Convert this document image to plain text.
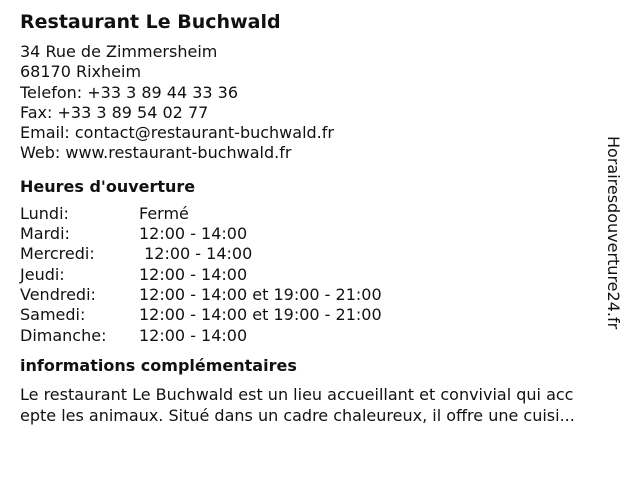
Restaurant Le Buchwald
34 Rue de Zimmersheim
68170 Rixheim
Telefon: +33 3 89 44 33 36
Fax: +33 3 89 54 02 77
Email: contact@restaurant-buchwald.fr
Web: www.restaurant-buchwald.fr
Heures d'ouverture
Lundi:	Fermé
Mardi:	12:00 - 14:00
Mercredi:	12:00 - 14:00
Jeudi:	12:00 - 14:00
Vendredi:	12:00 - 14:00 et 19:00 - 21:00
Samedi:	12:00 - 14:00 et 19:00 - 21:00
Dimanche:	12:00 - 14:00
informations complémentaires
Le restaurant Le Buchwald est un lieu accueillant et convivial qui acc
epte les animaux. Situé dans un cadre chaleureux, il offre une cuisi...
Horairesdouverture24.fr
